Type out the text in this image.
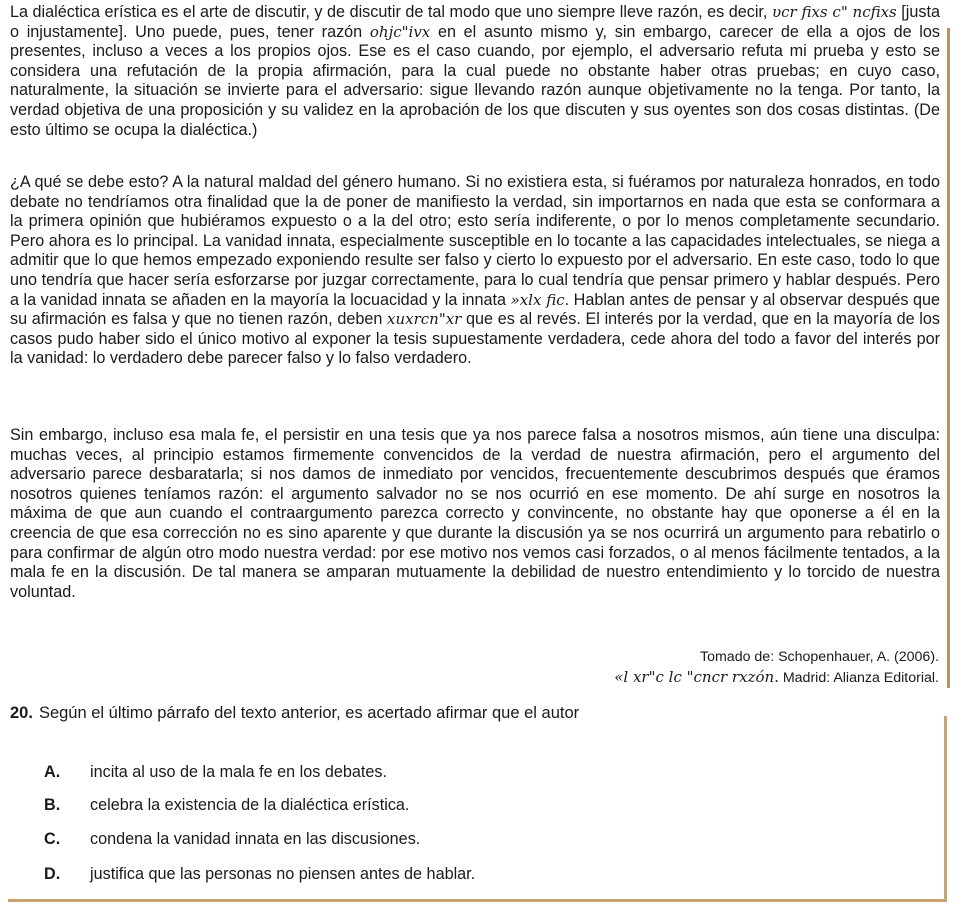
La dialéctica erística es el arte de discutir, y de discutir de tal modo que uno siempre lleve razón, es decir, υcr fixs c" ncfixs [justa o injustamente]. Uno puede, pues, tener razón οhjc"ivx en el asunto mismo y, sin embargo, carecer de ella a ojos de los presentes, incluso a veces a los propios ojos. Ese es el caso cuando, por ejemplo, el adversario refuta mi prueba y esto se considera una refutación de la propia afirmación, para la cual puede no obstante haber otras pruebas; en cuyo caso, naturalmente, la situación se invierte para el adversario: sigue llevando razón aunque objetivamente no la tenga. Por tanto, la verdad objetiva de una proposición y su validez en la aprobación de los que discuten y sus oyentes son dos cosas distintas. (De esto último se ocupa la dialéctica.)

¿A qué se debe esto? A la natural maldad del género humano. Si no existiera esta, si fuéramos por naturaleza honrados, en todo debate no tendríamos otra finalidad que la de poner de manifiesto la verdad, sin importarnos en nada que esta se conformara a la primera opinión que hubiéramos expuesto o a la del otro; esto sería indiferente, o por lo menos completamente secundario. Pero ahora es lo principal. La vanidad innata, especialmente susceptible en lo tocante a las capacidades intelectuales, se niega a admitir que lo que hemos empezado exponiendo resulte ser falso y cierto lo expuesto por el adversario. En este caso, todo lo que uno tendría que hacer sería esforzarse por juzgar correctamente, para lo cual tendría que pensar primero y hablar después. Pero a la vanidad innata se añaden en la mayoría la locuacidad y la innata »xlx fic. Hablan antes de pensar y al observar después que su afirmación es falsa y que no tienen razón, deben xuxrcn"xr que es al revés. El interés por la verdad, que en la mayoría de los casos pudo haber sido el único motivo al exponer la tesis supuestamente verdadera, cede ahora del todo a favor del interés por la vanidad: lo verdadero debe parecer falso y lo falso verdadero.

Sin embargo, incluso esa mala fe, el persistir en una tesis que ya nos parece falsa a nosotros mismos, aún tiene una disculpa: muchas veces, al principio estamos firmemente convencidos de la verdad de nuestra afirmación, pero el argumento del adversario parece desbaratarla; si nos damos de inmediato por vencidos, frecuentemente descubrimos después que éramos nosotros quienes teníamos razón: el argumento salvador no se nos ocurrió en ese momento. De ahí surge en nosotros la máxima de que aun cuando el contraargumento parezca correcto y convincente, no obstante hay que oponerse a él en la creencia de que esa corrección no es sino aparente y que durante la discusión ya se nos ocurrirá un argumento para rebatirlo o para confirmar de algún otro modo nuestra verdad: por ese motivo nos vemos casi forzados, o al menos fácilmente tentados, a la mala fe en la discusión. De tal manera se amparan mutuamente la debilidad de nuestro entendimiento y lo torcido de nuestra voluntad.

Tomado de: Schopenhauer, A. (2006).

«l xr"c lc "cncr rxzón. Madrid: Alianza Editorial.

20. Según el último párrafo del texto anterior, es acertado afirmar que el autor

A.	incita al uso de la mala fe en los debates.

B.	celebra la existencia de la dialéctica erística.

C.	condena la vanidad innata en las discusiones.

D.	justifica que las personas no piensen antes de hablar.
